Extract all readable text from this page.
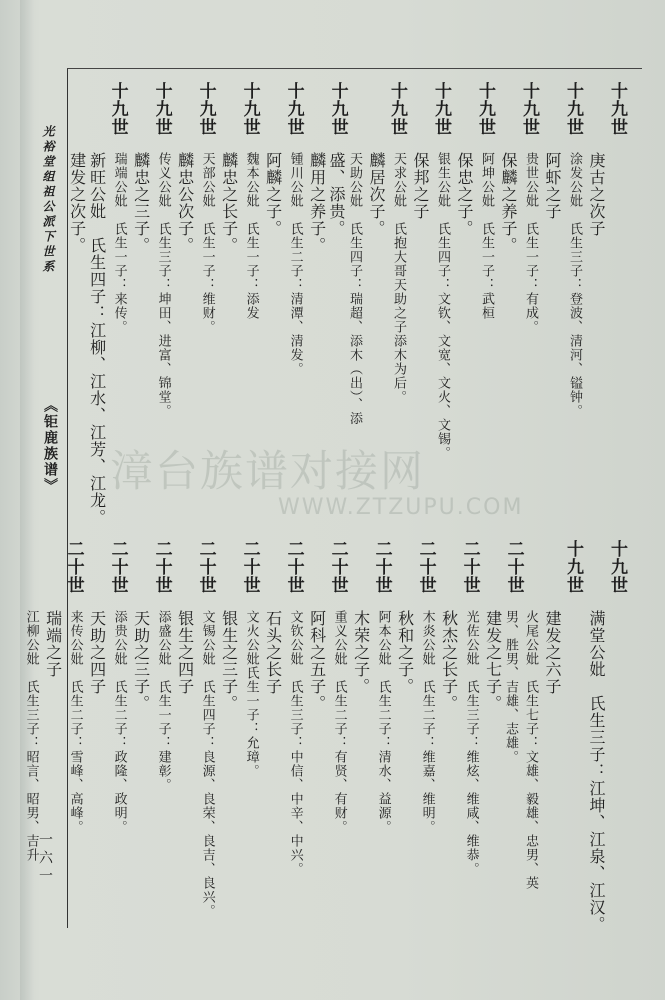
光裕堂组祖公派下世系
《钜鹿族谱》
一六一
漳台族谱对接网
WWW.ZTZUPU.COM
十九世
庚古之次子
涂发公妣　氏生三子：登波、清河、镒钟。
十九世
阿虾之子
贵世公妣　氏生一子：有成。
十九世
保麟之养子。
阿坤公妣　氏生一子：武桓
十九世
保忠之子。
银生公妣　氏生四子：文钦、文宽、文火、文锡。
十九世
保邦之子
天求公妣　氏抱大哥天助之子添木为后。
十九世
麟居次子。
天助公妣　氏生四子：瑞超、添木（出）、添
盛、添贵。
十九世
麟用之养子。
锺川公妣　氏生二子：清潭、清发。
十九世
阿麟之子。
魏本公妣　氏生一子：添发
十九世
麟忠之长子。
天部公妣　氏生一子：维财。
十九世
麟忠公次子。
传义公妣　氏生三子：坤田、进富、锦堂。
十九世
麟忠之三子。
瑞端公妣　氏生一子：来传。
十九世
新旺公妣　氏生四子：江柳、江水、江芳、江龙。
建发之次子。
十九世
满堂公妣　氏生三子：江坤、江泉、江汉。
十九世
建发之六子
火尾公妣　氏生七子：文雄、毅雄、忠男、英
男、胜男、吉雄、志雄。
二十世
建发之七子。
光佐公妣　氏生三子：维炫、维咸、维恭。
二十世
秋杰之长子。
木炎公妣　氏生二子：维嘉、维明。
二十世
秋和之子。
阿本公妣　氏生二子：清水、益源。
二十世
木荣之子。
重义公妣　氏生二子：有贤、有财。
二十世
阿科之五子。
文钦公妣　氏生三子：中信、中辛、中兴。
二十世
石头之长子
文火公妣氏生一子：允璋。
二十世
银生之三子。
文锡公妣　氏生四子：良源、良荣、良吉、良兴。
二十世
银生之四子
添盛公妣　氏生一子：建彰。
二十世
天助之三子。
添贵公妣　氏生二子：政隆、政明。
二十世
天助之四子
来传公妣　氏生二子：雪峰、高峰。
二十世
瑞端之子
江柳公妣　氏生三子：昭言、昭男、吉升
